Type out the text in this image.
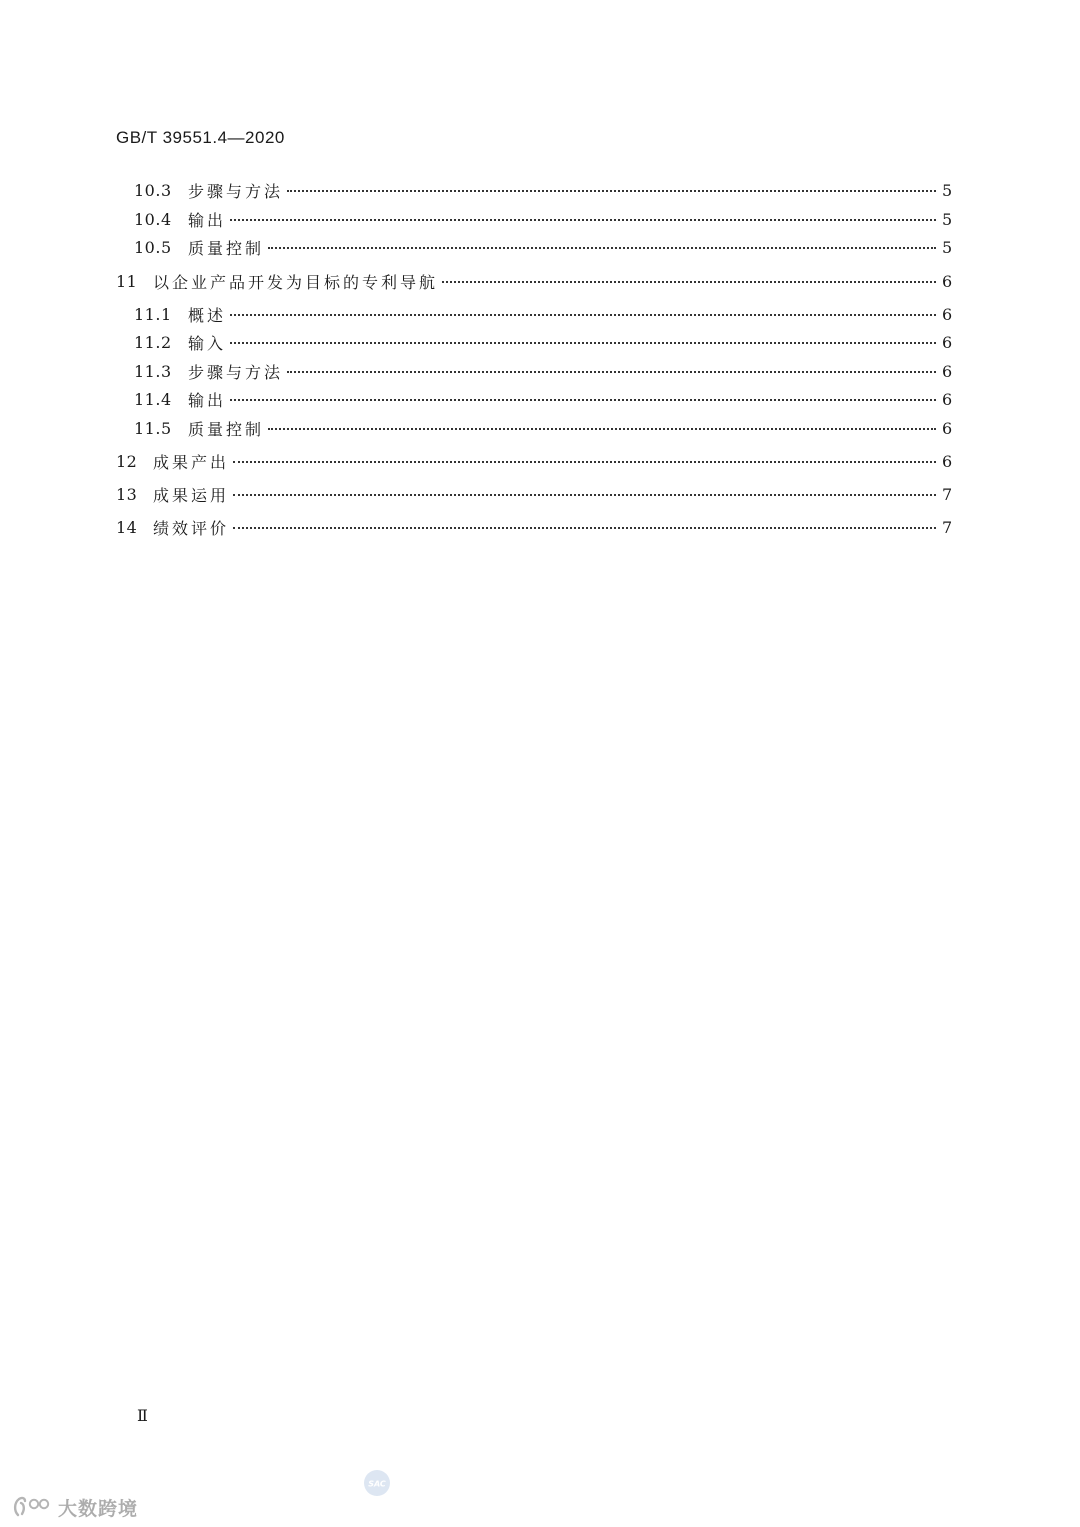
GB/T 39551.4—2020
10.3	步骤与方法	5
10.4	输出	5
10.5	质量控制	5
11 以企业产品开发为目标的专利导航	6
11.1	概述	6
11.2	输入	6
11.3	步骤与方法	6
11.4	输出	6
11.5	质量控制	6
12 成果产出	6
13 成果运用	7
14 绩效评价	7
Ⅱ
SAC
大数跨境
